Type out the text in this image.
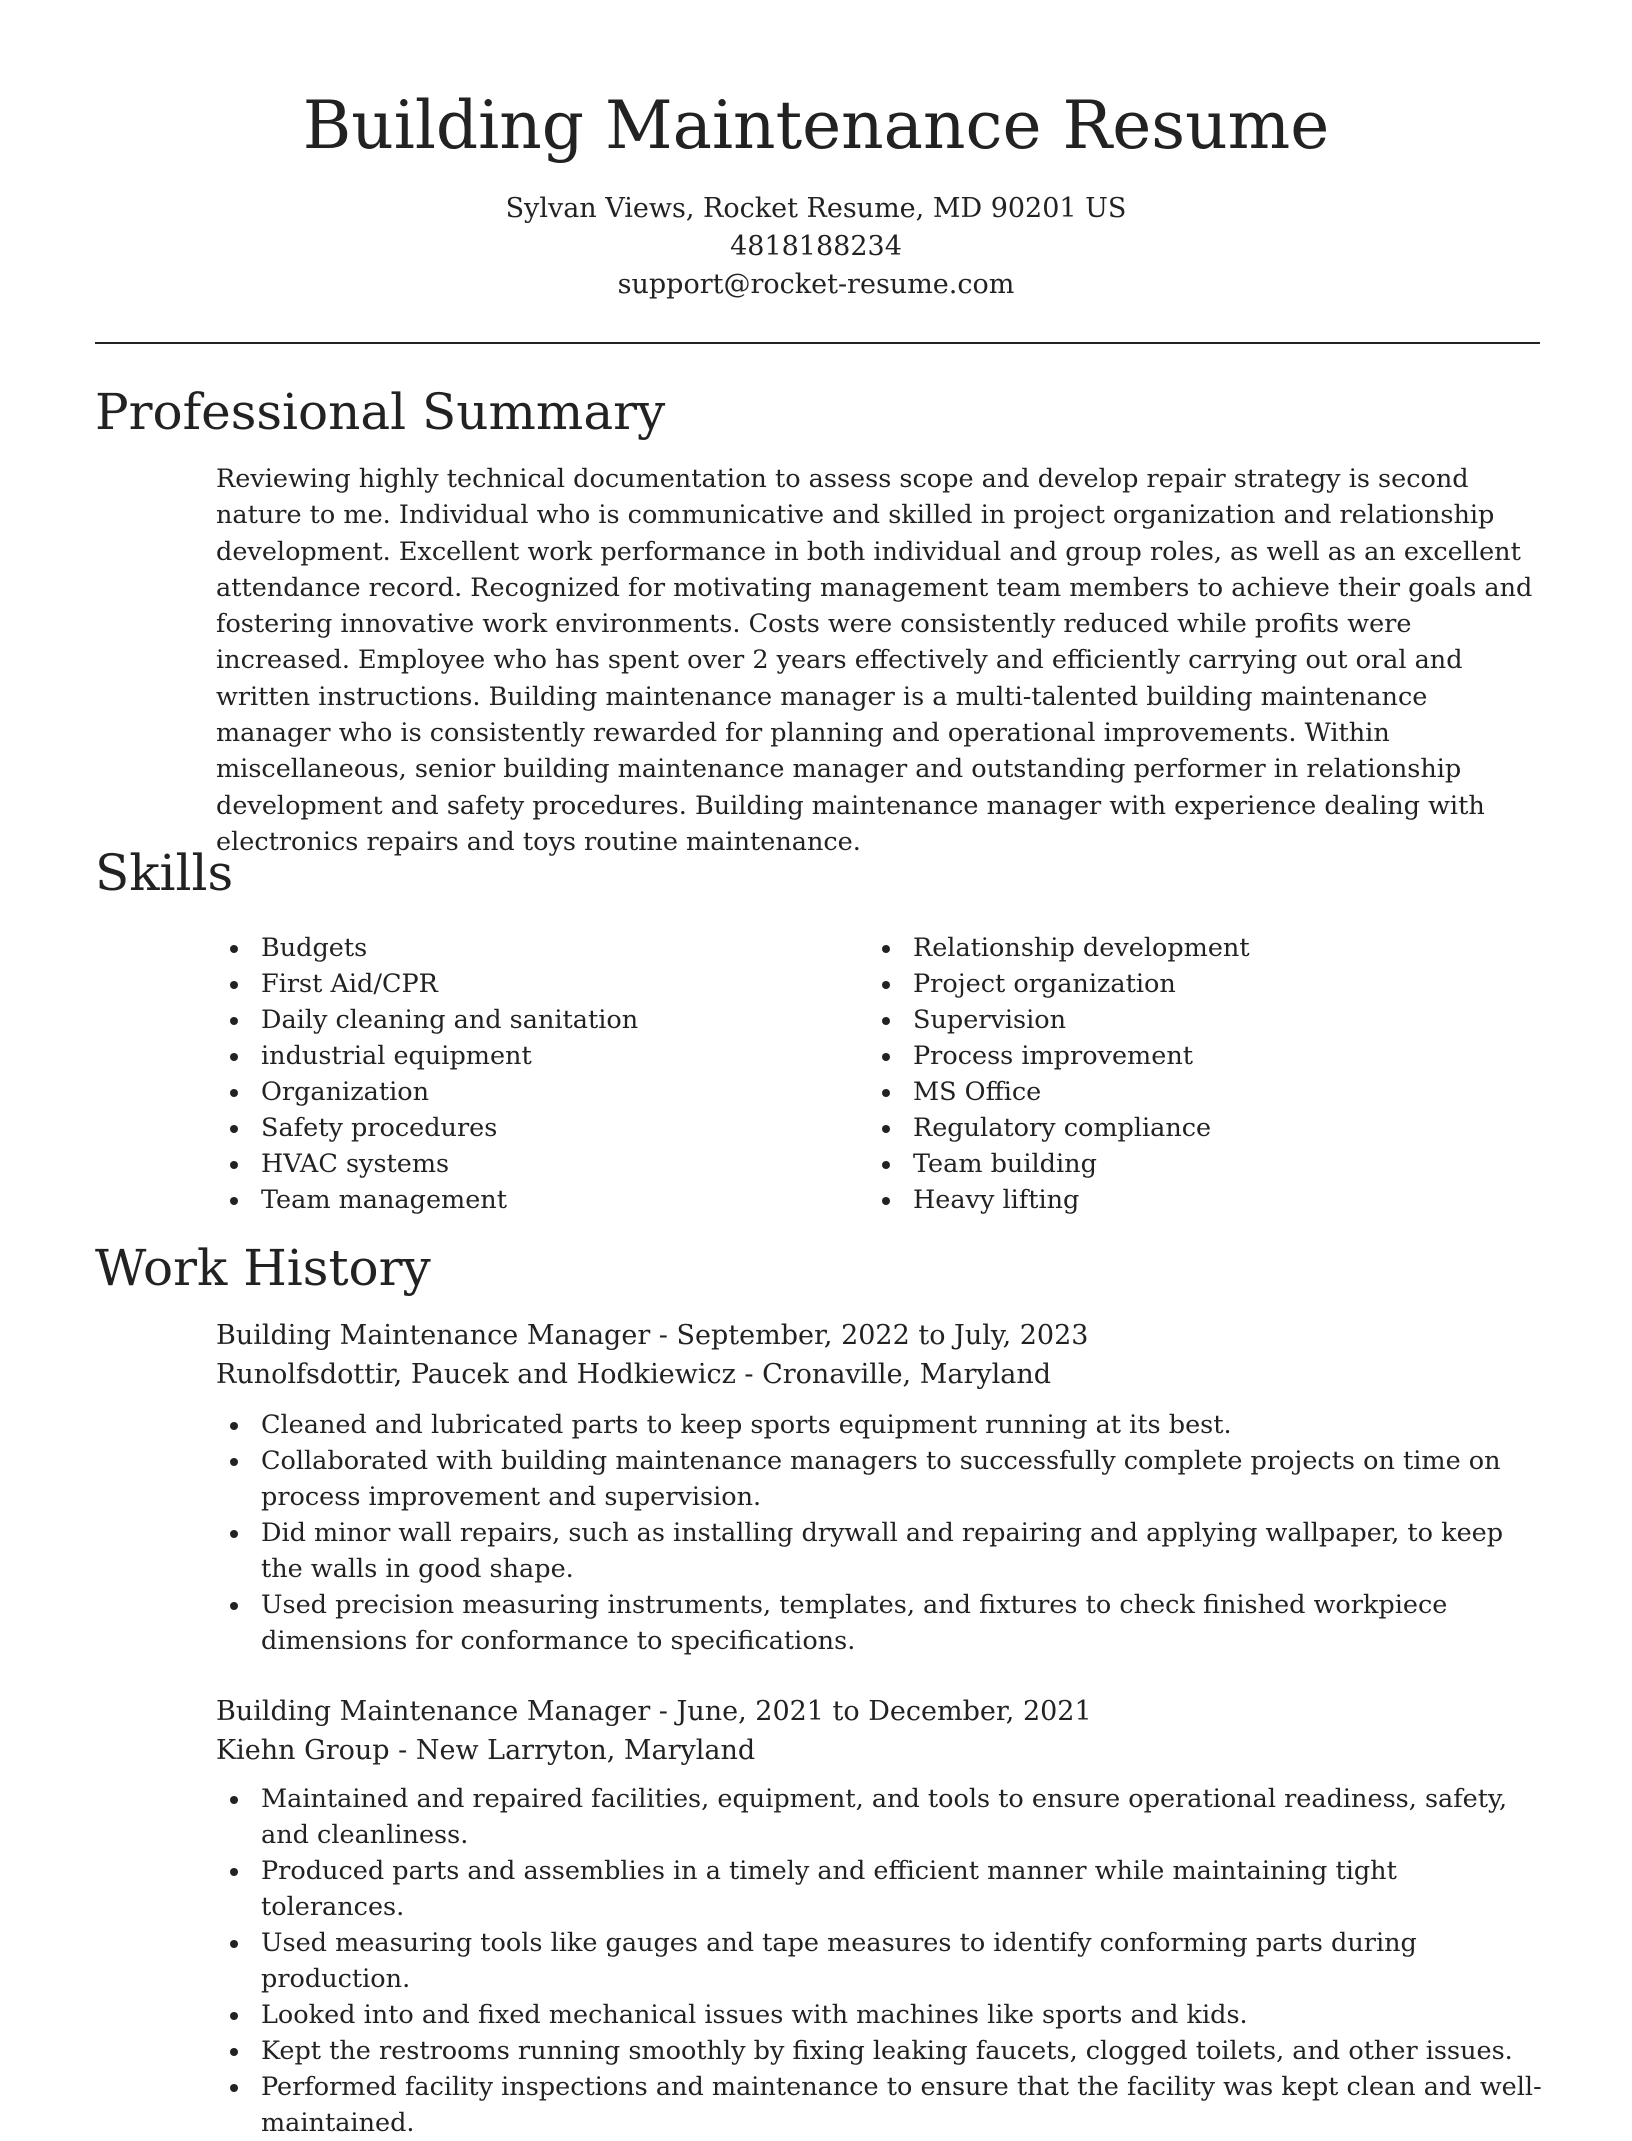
Building Maintenance Resume
Sylvan Views, Rocket Resume, MD 90201 US
4818188234
support@rocket-resume.com
Professional Summary

Reviewing highly technical documentation to assess scope and develop repair strategy is second nature to me. Individual who is communicative and skilled in project organization and relationship development. Excellent work performance in both individual and group roles, as well as an excellent attendance record. Recognized for motivating management team members to achieve their goals and fostering innovative work environments. Costs were consistently reduced while profits were increased. Employee who has spent over 2 years effectively and efficiently carrying out oral and written instructions. Building maintenance manager is a multi-talented building maintenance manager who is consistently rewarded for planning and operational improvements. Within miscellaneous, senior building maintenance manager and outstanding performer in relationship development and safety procedures. Building maintenance manager with experience dealing with electronics repairs and toys routine maintenance.

Skills
Budgets
First Aid/CPR
Daily cleaning and sanitation
industrial equipment
Organization
Safety procedures
HVAC systems
Team management
Relationship development
Project organization
Supervision
Process improvement
MS Office
Regulatory compliance
Team building
Heavy lifting
Work History
Building Maintenance Manager - September, 2022 to July, 2023
Runolfsdottir, Paucek and Hodkiewicz - Cronaville, Maryland
Cleaned and lubricated parts to keep sports equipment running at its best.
Collaborated with building maintenance managers to successfully complete projects on time on process improvement and supervision.
Did minor wall repairs, such as installing drywall and repairing and applying wallpaper, to keep the walls in good shape.
Used precision measuring instruments, templates, and fixtures to check finished workpiece dimensions for conformance to specifications.
Building Maintenance Manager - June, 2021 to December, 2021
Kiehn Group - New Larryton, Maryland
Maintained and repaired facilities, equipment, and tools to ensure operational readiness, safety, and cleanliness.
Produced parts and assemblies in a timely and efficient manner while maintaining tight tolerances.
Used measuring tools like gauges and tape measures to identify conforming parts during production.
Looked into and fixed mechanical issues with machines like sports and kids.
Kept the restrooms running smoothly by fixing leaking faucets, clogged toilets, and other issues.
Performed facility inspections and maintenance to ensure that the facility was kept clean and well-maintained.
